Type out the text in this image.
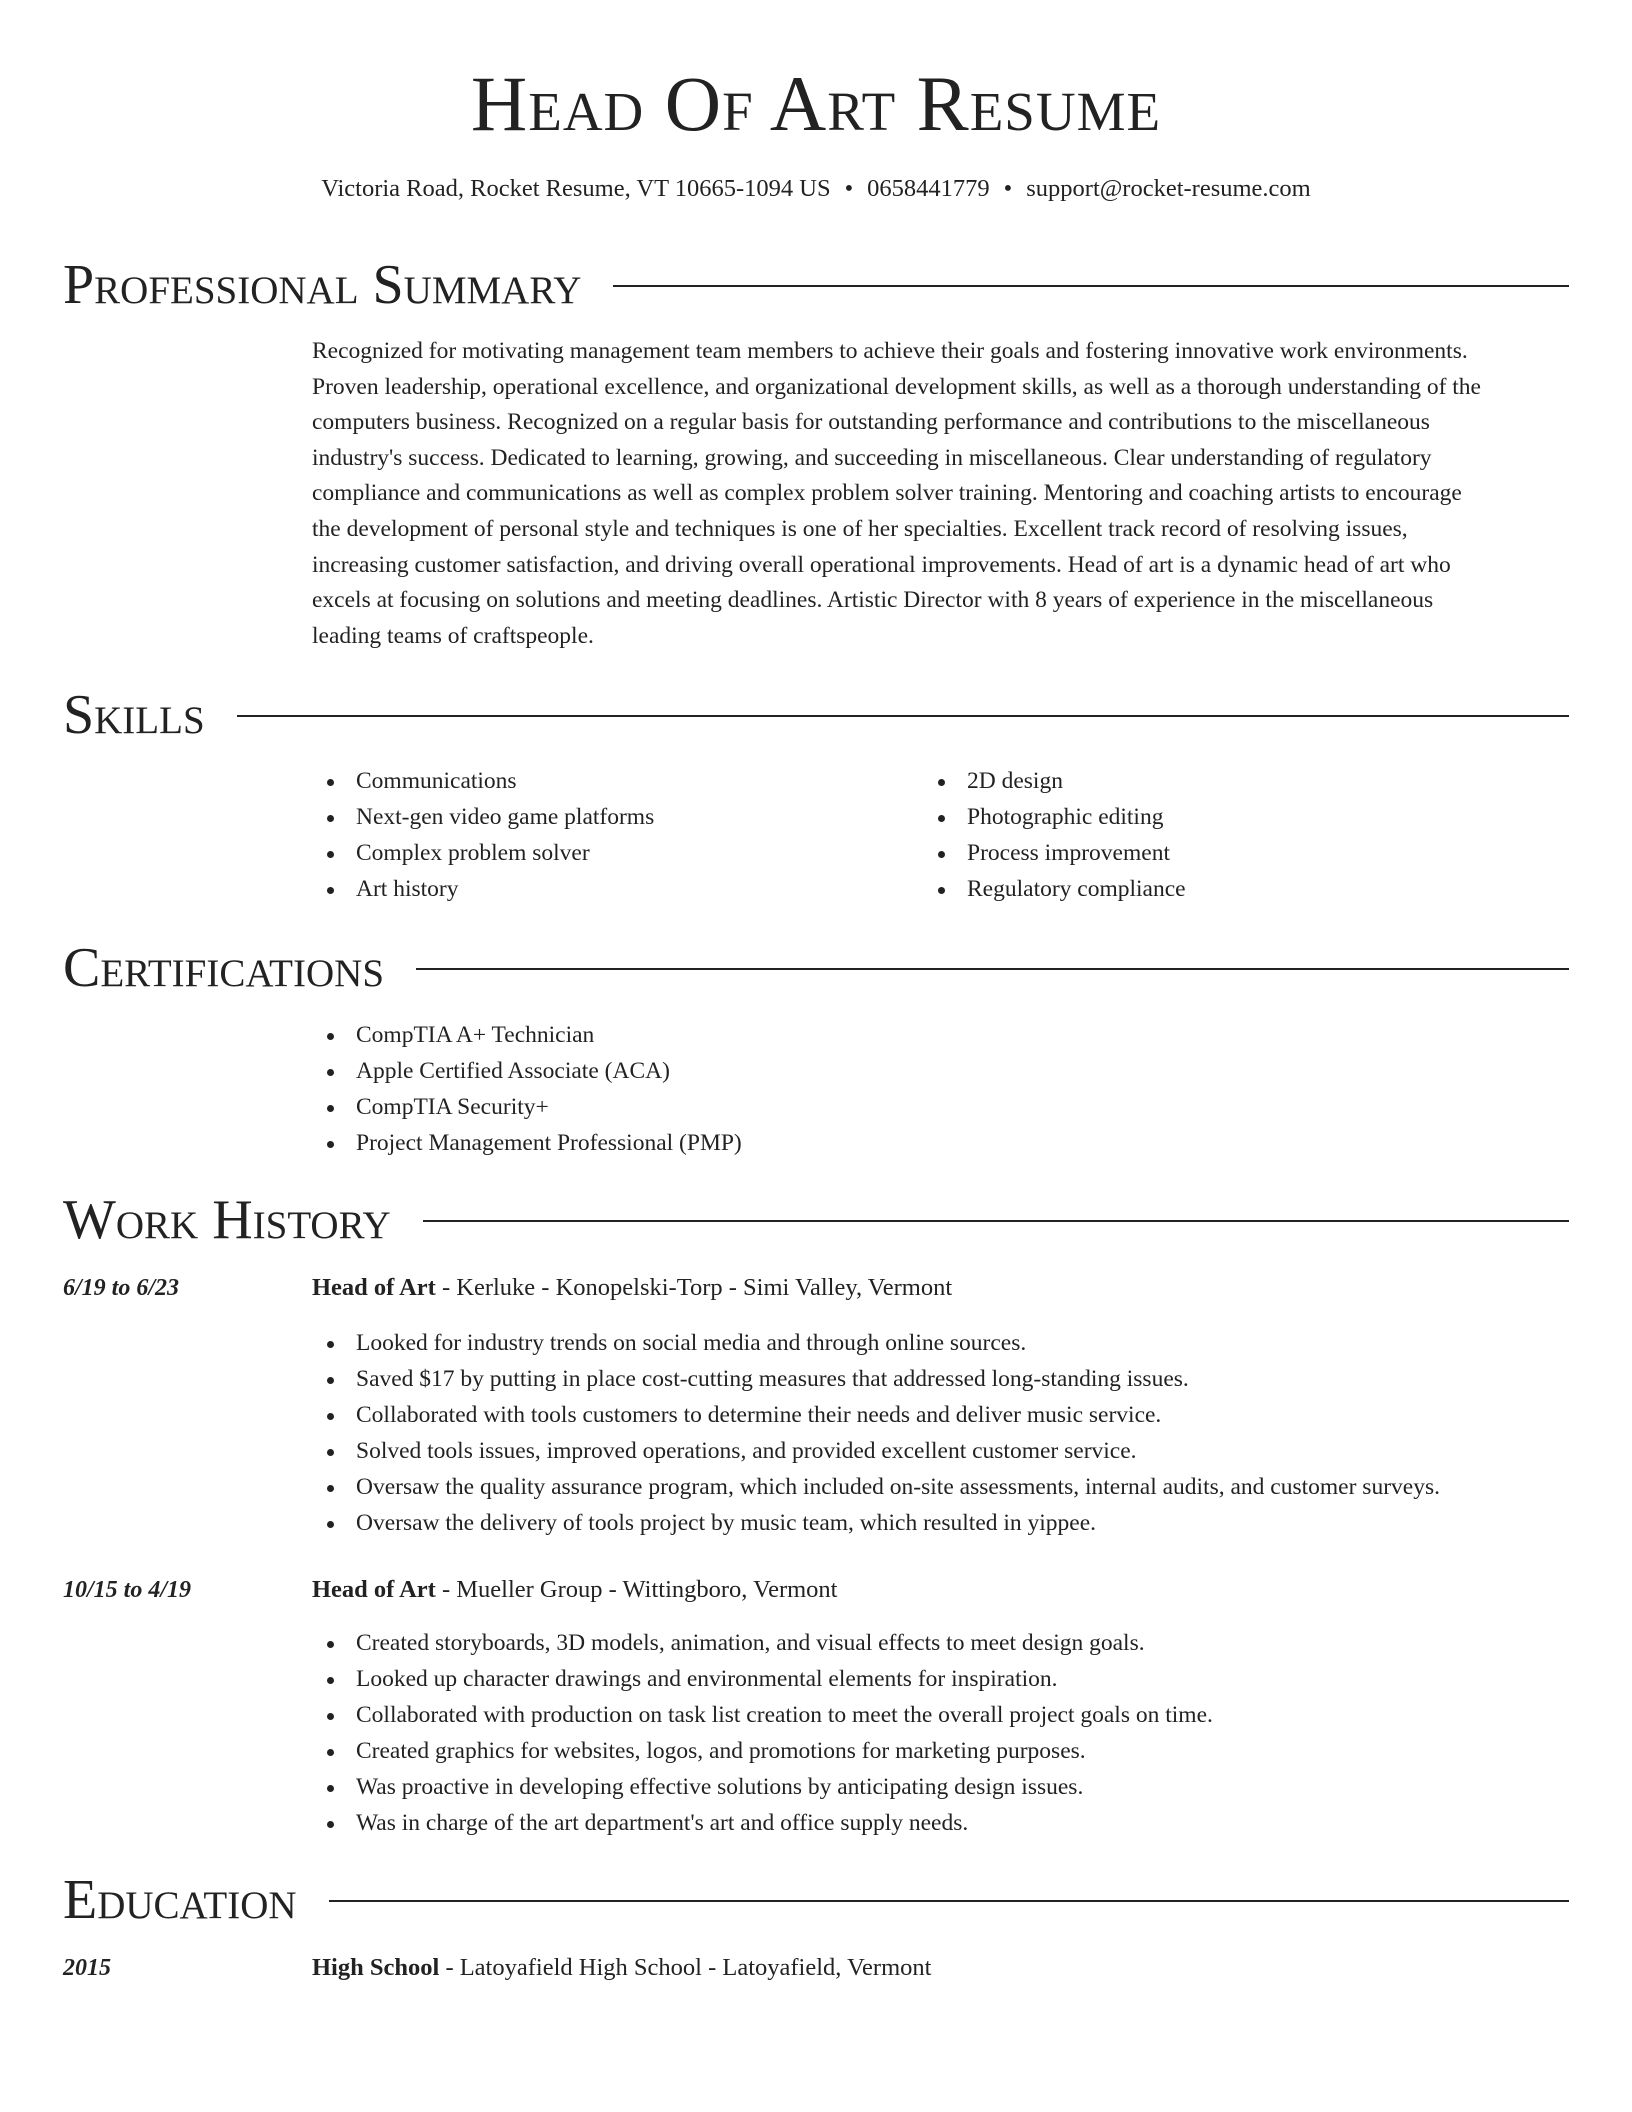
Head Of Art Resume
Victoria Road, Rocket Resume, VT 10665-1094 US • 0658441779 • support@rocket-resume.com
Professional Summary
Recognized for motivating management team members to achieve their goals and fostering innovative work environments.
Proven leadership, operational excellence, and organizational development skills, as well as a thorough understanding of the
computers business. Recognized on a regular basis for outstanding performance and contributions to the miscellaneous
industry's success. Dedicated to learning, growing, and succeeding in miscellaneous. Clear understanding of regulatory
compliance and communications as well as complex problem solver training. Mentoring and coaching artists to encourage
the development of personal style and techniques is one of her specialties. Excellent track record of resolving issues,
increasing customer satisfaction, and driving overall operational improvements. Head of art is a dynamic head of art who
excels at focusing on solutions and meeting deadlines. Artistic Director with 8 years of experience in the miscellaneous
leading teams of craftspeople.
Skills
Communications
Next-gen video game platforms
Complex problem solver
Art history
2D design
Photographic editing
Process improvement
Regulatory compliance
Certifications
CompTIA A+ Technician
Apple Certified Associate (ACA)
CompTIA Security+
Project Management Professional (PMP)
Work History
6/19 to 6/23	Head of Art - Kerluke - Konopelski-Torp - Simi Valley, Vermont
Looked for industry trends on social media and through online sources.
Saved $17 by putting in place cost-cutting measures that addressed long-standing issues.
Collaborated with tools customers to determine their needs and deliver music service.
Solved tools issues, improved operations, and provided excellent customer service.
Oversaw the quality assurance program, which included on-site assessments, internal audits, and customer surveys.
Oversaw the delivery of tools project by music team, which resulted in yippee.
10/15 to 4/19	Head of Art - Mueller Group - Wittingboro, Vermont
Created storyboards, 3D models, animation, and visual effects to meet design goals.
Looked up character drawings and environmental elements for inspiration.
Collaborated with production on task list creation to meet the overall project goals on time.
Created graphics for websites, logos, and promotions for marketing purposes.
Was proactive in developing effective solutions by anticipating design issues.
Was in charge of the art department's art and office supply needs.
Education
2015	High School - Latoyafield High School - Latoyafield, Vermont
